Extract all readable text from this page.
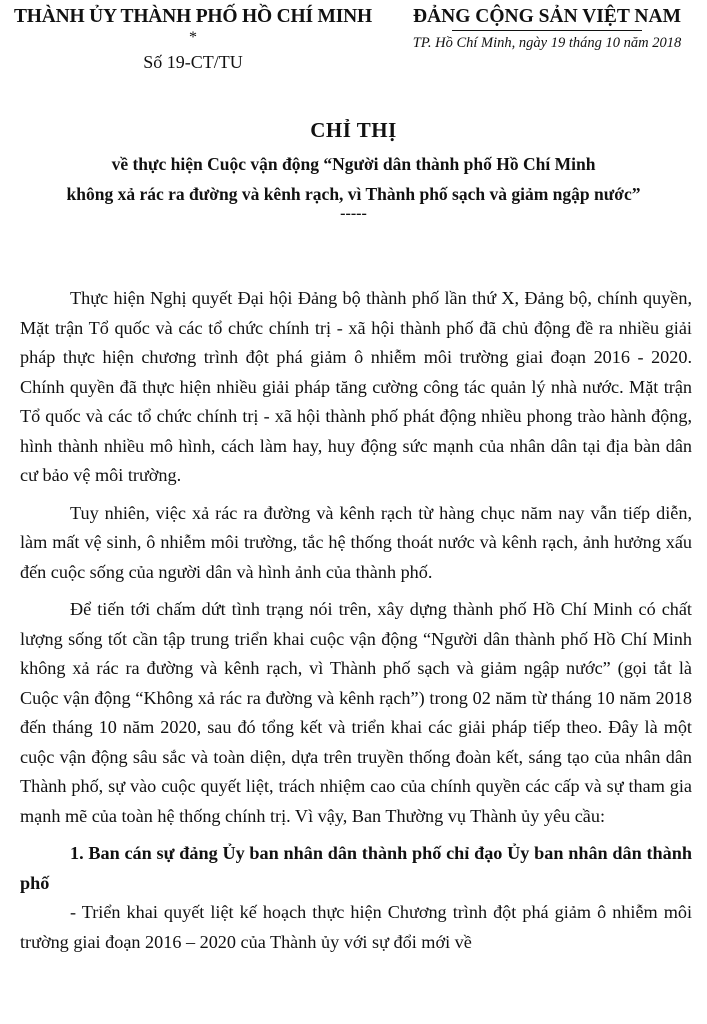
THÀNH ỦY THÀNH PHỐ HỒ CHÍ MINH
*
Số 19-CT/TU
ĐẢNG CỘNG SẢN VIỆT NAM
TP. Hồ Chí Minh, ngày 19 tháng 10 năm 2018
CHỈ THỊ
về thực hiện Cuộc vận động “Người dân thành phố Hồ Chí Minh
không xả rác ra đường và kênh rạch, vì Thành phố sạch và giảm ngập nước”
-----

Thực hiện Nghị quyết Đại hội Đảng bộ thành phố lần thứ X, Đảng bộ, chính quyền, Mặt trận Tổ quốc và các tổ chức chính trị - xã hội thành phố đã chủ động đề ra nhiều giải pháp thực hiện chương trình đột phá giảm ô nhiễm môi trường giai đoạn 2016 - 2020. Chính quyền đã thực hiện nhiều giải pháp tăng cường công tác quản lý nhà nước. Mặt trận Tổ quốc và các tổ chức chính trị - xã hội thành phố phát động nhiều phong trào hành động, hình thành nhiều mô hình, cách làm hay, huy động sức mạnh của nhân dân tại địa bàn dân cư bảo vệ môi trường.

Tuy nhiên, việc xả rác ra đường và kênh rạch từ hàng chục năm nay vẫn tiếp diễn, làm mất vệ sinh, ô nhiễm môi trường, tắc hệ thống thoát nước và kênh rạch, ảnh hưởng xấu đến cuộc sống của người dân và hình ảnh của thành phố.

Để tiến tới chấm dứt tình trạng nói trên, xây dựng thành phố Hồ Chí Minh có chất lượng sống tốt cần tập trung triển khai cuộc vận động “Người dân thành phố Hồ Chí Minh không xả rác ra đường và kênh rạch, vì Thành phố sạch và giảm ngập nước” (gọi tắt là Cuộc vận động “Không xả rác ra đường và kênh rạch”) trong 02 năm từ tháng 10 năm 2018 đến tháng 10 năm 2020, sau đó tổng kết và triển khai các giải pháp tiếp theo. Đây là một cuộc vận động sâu sắc và toàn diện, dựa trên truyền thống đoàn kết, sáng tạo của nhân dân Thành phố, sự vào cuộc quyết liệt, trách nhiệm cao của chính quyền các cấp và sự tham gia mạnh mẽ của toàn hệ thống chính trị. Vì vậy, Ban Thường vụ Thành ủy yêu cầu:

1. Ban cán sự đảng Ủy ban nhân dân thành phố chỉ đạo Ủy ban nhân dân thành phố

- Triển khai quyết liệt kế hoạch thực hiện Chương trình đột phá giảm ô nhiễm môi trường giai đoạn 2016 – 2020 của Thành ủy với sự đổi mới về
